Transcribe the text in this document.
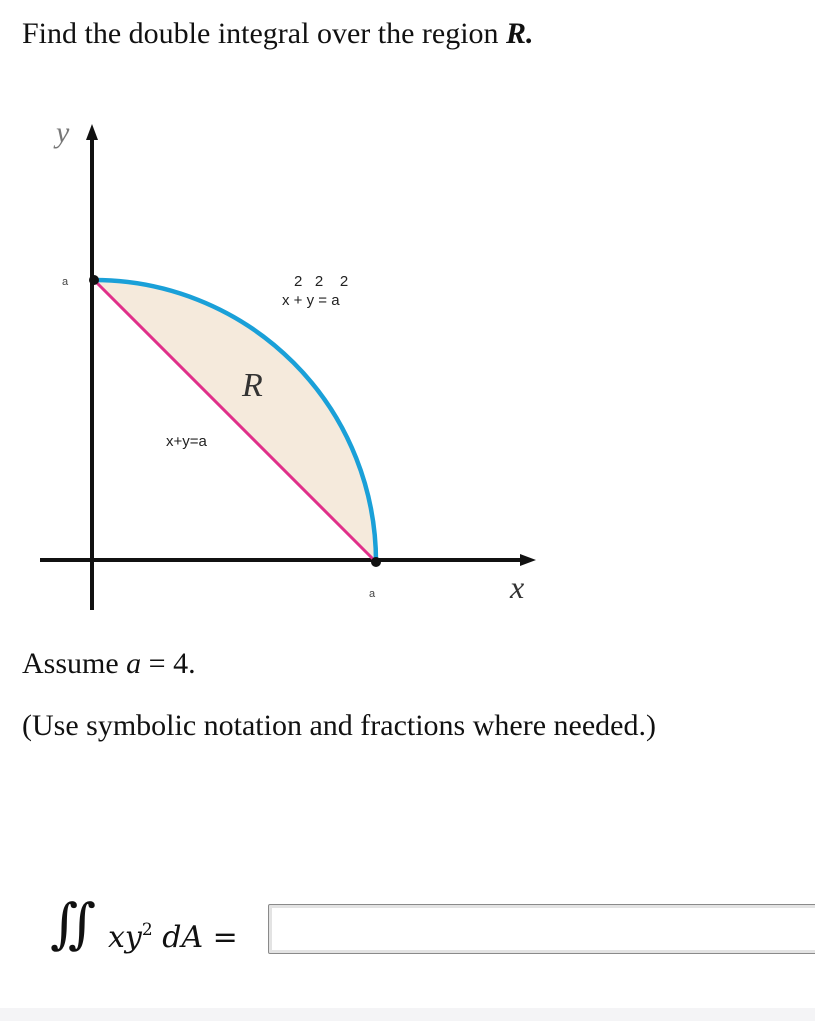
Find the double integral over the region R.
y
x
a
a
R
x+y=a
2   2    2
x + y = a
Assume a = 4.
(Use symbolic notation and fractions where needed.)
∬ $xy^2$ dA =
